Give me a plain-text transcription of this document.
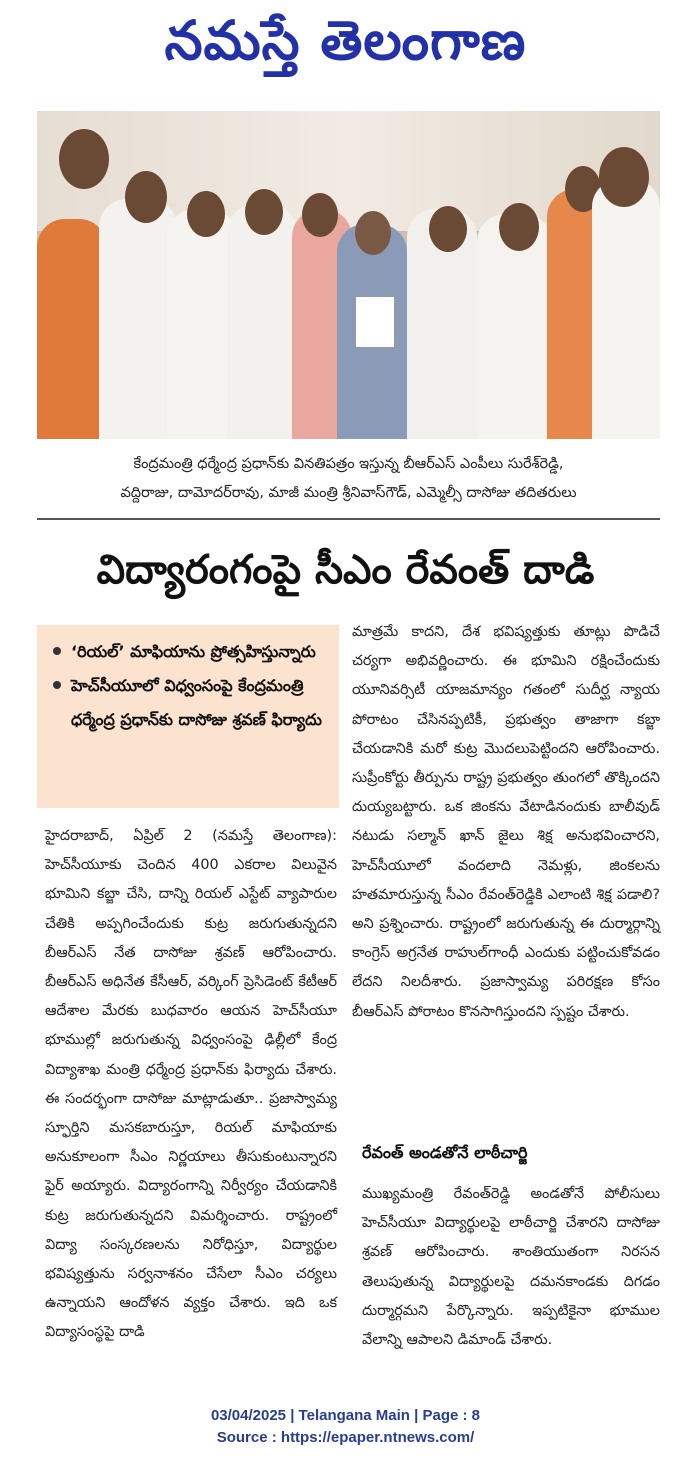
నమస్తే తెలంగాణ
కేంద్రమంత్రి ధర్మేంద్ర ప్రధాన్‌కు వినతిపత్రం ఇస్తున్న బీఆర్‌ఎస్ ఎంపీలు సురేశ్‌రెడ్డి,
వద్దిరాజు, దామోదర్‌రావు, మాజీ మంత్రి శ్రీనివాస్‌గౌడ్, ఎమ్మెల్సీ దాసోజు తదితరులు
విద్యారంగంపై సీఎం రేవంత్ దాడి
‘రియల్’ మాఫియాను ప్రోత్సహిస్తున్నారు
హెచ్‌సీయూలో విధ్వంసంపై కేంద్రమంత్రి ధర్మేంద్ర ప్రధాన్‌కు దాసోజు శ్రవణ్ ఫిర్యాదు

హైదరాబాద్, ఏప్రిల్ 2 (నమస్తే తెలంగాణ): హెచ్‌సీయూకు చెందిన 400 ఎకరాల విలువైన భూమిని కబ్జా చేసి, దాన్ని రియల్ ఎస్టేట్ వ్యాపారుల చేతికి అప్పగించేందుకు కుట్ర జరుగుతున్నదని బీఆర్‌ఎస్ నేత దాసోజు శ్రవణ్ ఆరోపించారు. బీఆర్‌ఎస్ అధినేత కేసీఆర్, వర్కింగ్ ప్రెసిడెంట్ కేటీఆర్ ఆదేశాల మేరకు బుధవారం ఆయన హెచ్‌సీయూ భూముల్లో జరుగుతున్న విధ్వంసంపై ఢిల్లీలో కేంద్ర విద్యాశాఖ మంత్రి ధర్మేంద్ర ప్రధాన్‌కు ఫిర్యాదు చేశారు. ఈ సందర్భంగా దాసోజు మాట్లాడుతూ.. ప్రజాస్వామ్య స్ఫూర్తిని మసకబారుస్తూ, రియల్ మాఫియాకు అనుకూలంగా సీఎం నిర్ణయాలు తీసుకుంటున్నారని ఫైర్ అయ్యారు. విద్యారంగాన్ని నిర్వీర్యం చేయడానికి కుట్ర జరుగుతున్నదని విమర్శించారు. రాష్ట్రంలో విద్యా సంస్కరణలను నిరోధిస్తూ, విద్యార్థుల భవిష్యత్తును సర్వనాశనం చేసేలా సీఎం చర్యలు ఉన్నాయని ఆందోళన వ్యక్తం చేశారు. ఇది ఒక విద్యాసంస్థపై దాడి

మాత్రమే కాదని, దేశ భవిష్యత్తుకు తూట్లు పొడిచే చర్యగా అభివర్ణించారు. ఈ భూమిని రక్షించేందుకు యూనివర్సిటీ యాజమాన్యం గతంలో సుదీర్ఘ న్యాయ పోరాటం చేసినప్పటికీ, ప్రభుత్వం తాజాగా కబ్జా చేయడానికి మరో కుట్ర మొదలుపెట్టిందని ఆరోపించారు. సుప్రీంకోర్టు తీర్పును రాష్ట్ర ప్రభుత్వం తుంగలో తొక్కిందని దుయ్యబట్టారు. ఒక జింకను వేటాడినందుకు బాలీవుడ్ నటుడు సల్మాన్ ఖాన్ జైలు శిక్ష అనుభవించారని, హెచ్‌సీయూలో వందలాది నెమళ్లు, జింకలను హతమారుస్తున్న సీఎం రేవంత్‌రెడ్డికి ఎలాంటి శిక్ష పడాలి? అని ప్రశ్నించారు. రాష్ట్రంలో జరుగుతున్న ఈ దుర్మార్గాన్ని కాంగ్రెస్ అగ్రనేత రాహుల్‌గాంధీ ఎందుకు పట్టించుకోవడం లేదని నిలదీశారు. ప్రజాస్వామ్య పరిరక్షణ కోసం బీఆర్‌ఎస్ పోరాటం కొనసాగిస్తుందని స్పష్టం చేశారు.

రేవంత్ అండతోనే లాఠీచార్జి

ముఖ్యమంత్రి రేవంత్‌రెడ్డి అండతోనే పోలీసులు హెచ్‌సీయూ విద్యార్థులపై లాఠీచార్జి చేశారని దాసోజు శ్రవణ్ ఆరోపించారు. శాంతియుతంగా నిరసన తెలుపుతున్న విద్యార్థులపై దమనకాండకు దిగడం దుర్మార్గమని పేర్కొన్నారు. ఇప్పటికైనా భూముల వేలాన్ని ఆపాలని డిమాండ్ చేశారు.

03/04/2025 | Telangana Main | Page : 8
Source : https://epaper.ntnews.com/
